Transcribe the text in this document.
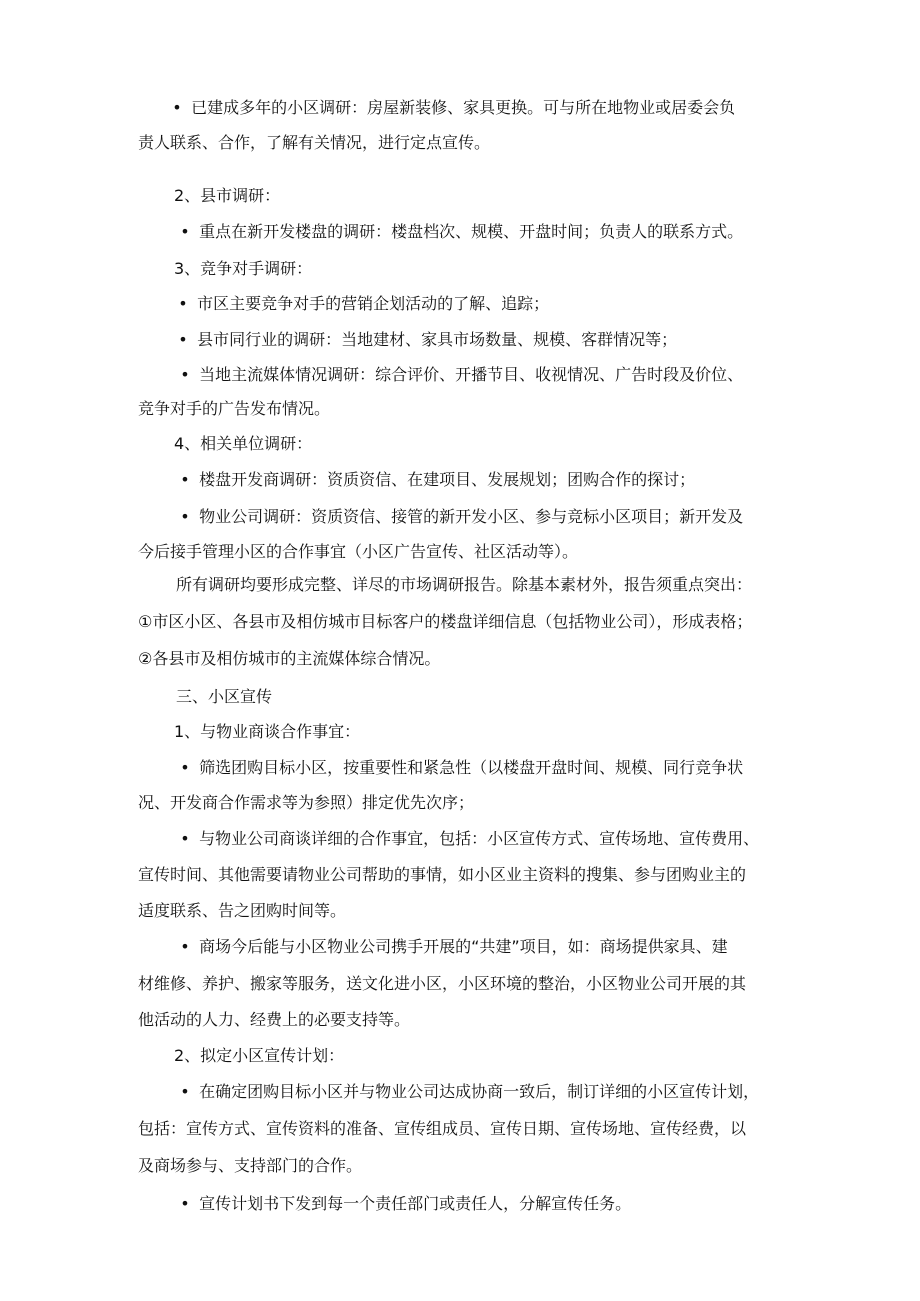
• 已建成多年的小区调研：房屋新装修、家具更换。可与所在地物业或居委会负
责人联系、合作，了解有关情况，进行定点宣传。
2、县市调研：
• 重点在新开发楼盘的调研：楼盘档次、规模、开盘时间；负责人的联系方式。
3、竞争对手调研：
• 市区主要竞争对手的营销企划活动的了解、追踪；
• 县市同行业的调研：当地建材、家具市场数量、规模、客群情况等；
• 当地主流媒体情况调研：综合评价、开播节目、收视情况、广告时段及价位、
竞争对手的广告发布情况。
4、相关单位调研：
• 楼盘开发商调研：资质资信、在建项目、发展规划；团购合作的探讨；
• 物业公司调研：资质资信、接管的新开发小区、参与竞标小区项目；新开发及
今后接手管理小区的合作事宜（小区广告宣传、社区活动等）。
所有调研均要形成完整、详尽的市场调研报告。除基本素材外，报告须重点突出：
①市区小区、各县市及相仿城市目标客户的楼盘详细信息（包括物业公司），形成表格；
②各县市及相仿城市的主流媒体综合情况。
三、小区宣传
1、与物业商谈合作事宜：
• 筛选团购目标小区，按重要性和紧急性（以楼盘开盘时间、规模、同行竞争状
况、开发商合作需求等为参照）排定优先次序；
• 与物业公司商谈详细的合作事宜，包括：小区宣传方式、宣传场地、宣传费用、
宣传时间、其他需要请物业公司帮助的事情，如小区业主资料的搜集、参与团购业主的
适度联系、告之团购时间等。
• 商场今后能与小区物业公司携手开展的“共建”项目，如：商场提供家具、建
材维修、养护、搬家等服务，送文化进小区，小区环境的整治，小区物业公司开展的其
他活动的人力、经费上的必要支持等。
2、拟定小区宣传计划：
• 在确定团购目标小区并与物业公司达成协商一致后，制订详细的小区宣传计划，
包括：宣传方式、宣传资料的准备、宣传组成员、宣传日期、宣传场地、宣传经费，以
及商场参与、支持部门的合作。
• 宣传计划书下发到每一个责任部门或责任人，分解宣传任务。
